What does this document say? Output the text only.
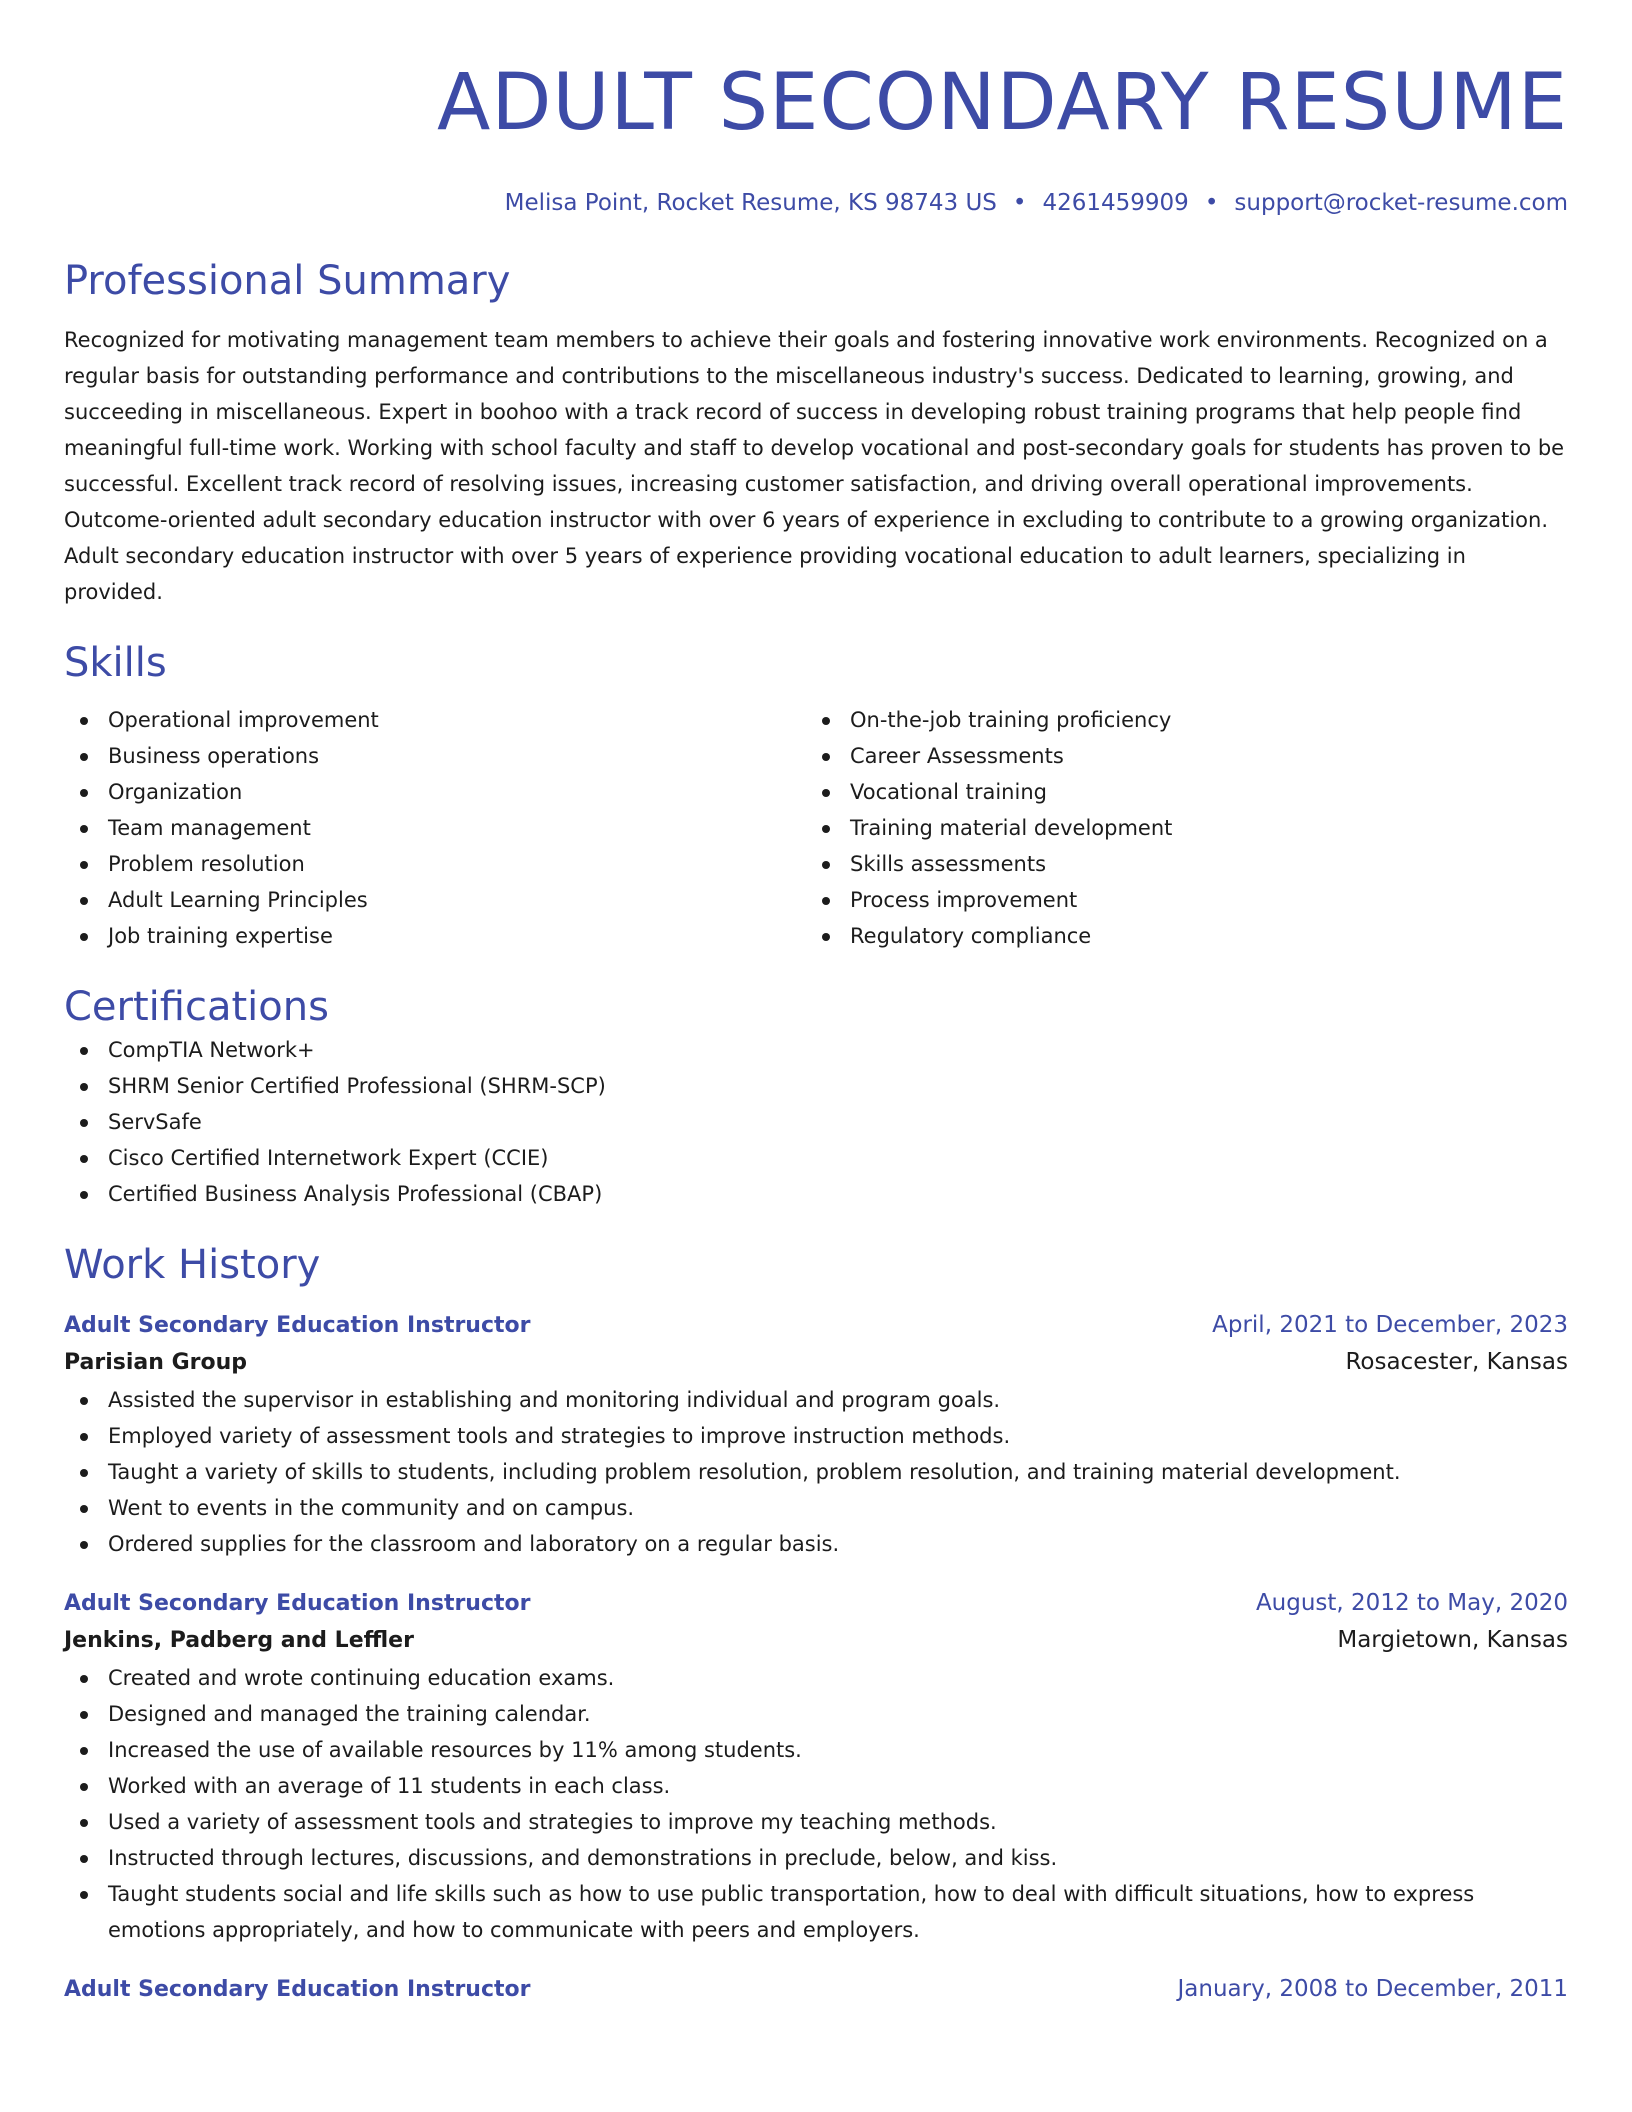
ADULT SECONDARY RESUME
Melisa Point, Rocket Resume, KS 98743 US • 4261459909 • support@rocket-resume.com
Professional Summary

Recognized for motivating management team members to achieve their goals and fostering innovative work environments. Recognized on a regular basis for outstanding performance and contributions to the miscellaneous industry's success. Dedicated to learning, growing, and succeeding in miscellaneous. Expert in boohoo with a track record of success in developing robust training programs that help people find meaningful full-time work. Working with school faculty and staff to develop vocational and post-secondary goals for students has proven to be successful. Excellent track record of resolving issues, increasing customer satisfaction, and driving overall operational improvements. Outcome-oriented adult secondary education instructor with over 6 years of experience in excluding to contribute to a growing organization. Adult secondary education instructor with over 5 years of experience providing vocational education to adult learners, specializing in provided.

Skills
Operational improvement
Business operations
Organization
Team management
Problem resolution
Adult Learning Principles
Job training expertise
On-the-job training proficiency
Career Assessments
Vocational training
Training material development
Skills assessments
Process improvement
Regulatory compliance
Certifications
CompTIA Network+
SHRM Senior Certified Professional (SHRM-SCP)
ServSafe
Cisco Certified Internetwork Expert (CCIE)
Certified Business Analysis Professional (CBAP)
Work History
Adult Secondary Education Instructor	April, 2021 to December, 2023
Parisian Group	Rosacester, Kansas
Assisted the supervisor in establishing and monitoring individual and program goals.
Employed variety of assessment tools and strategies to improve instruction methods.
Taught a variety of skills to students, including problem resolution, problem resolution, and training material development.
Went to events in the community and on campus.
Ordered supplies for the classroom and laboratory on a regular basis.
Adult Secondary Education Instructor	August, 2012 to May, 2020
Jenkins, Padberg and Leffler	Margietown, Kansas
Created and wrote continuing education exams.
Designed and managed the training calendar.
Increased the use of available resources by 11% among students.
Worked with an average of 11 students in each class.
Used a variety of assessment tools and strategies to improve my teaching methods.
Instructed through lectures, discussions, and demonstrations in preclude, below, and kiss.
Taught students social and life skills such as how to use public transportation, how to deal with difficult situations, how to express emotions appropriately, and how to communicate with peers and employers.
Adult Secondary Education Instructor	January, 2008 to December, 2011
